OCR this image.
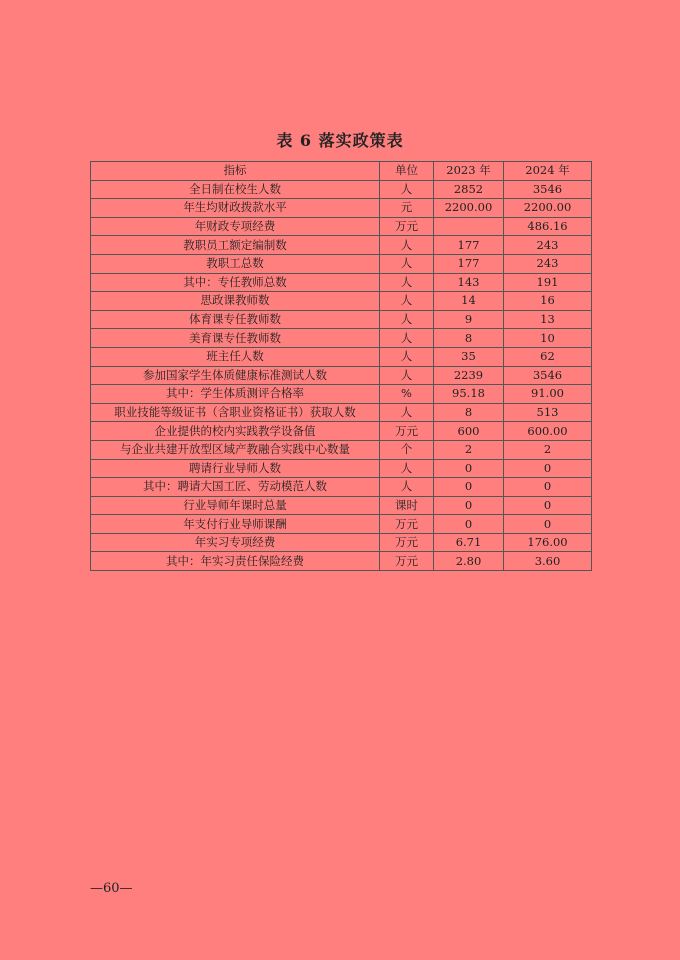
表 6 落实政策表
指标	单位	2023 年	2024 年
全日制在校生人数	人	2852	3546
年生均财政拨款水平	元	2200.00	2200.00
年财政专项经费	万元		486.16
教职员工额定编制数	人	177	243
教职工总数	人	177	243
其中：专任教师总数	人	143	191
思政课教师数	人	14	16
体育课专任教师数	人	9	13
美育课专任教师数	人	8	10
班主任人数	人	35	62
参加国家学生体质健康标准测试人数	人	2239	3546
其中：学生体质测评合格率	%	95.18	91.00
职业技能等级证书（含职业资格证书）获取人数	人	8	513
企业提供的校内实践教学设备值	万元	600	600.00
与企业共建开放型区域产教融合实践中心数量	个	2	2
聘请行业导师人数	人	0	0
其中：聘请大国工匠、劳动模范人数	人	0	0
行业导师年课时总量	课时	0	0
年支付行业导师课酬	万元	0	0
年实习专项经费	万元	6.71	176.00
其中：年实习责任保险经费	万元	2.80	3.60
—60—
